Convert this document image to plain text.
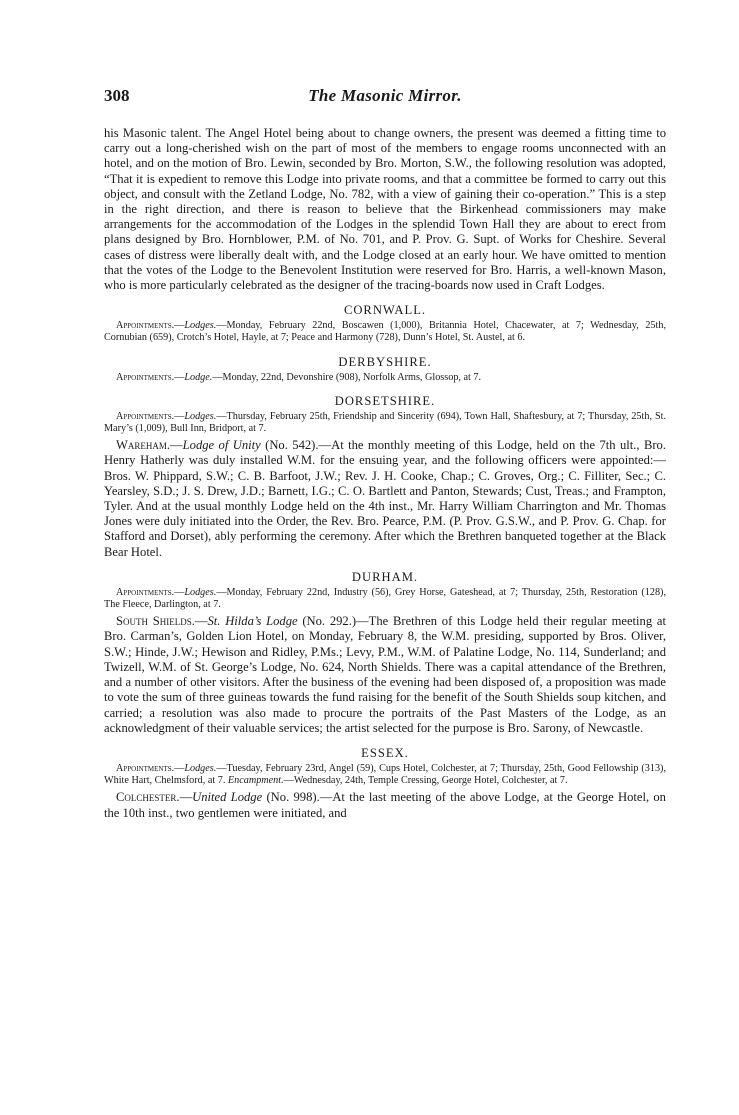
308	The Masonic Mirror.

his Masonic talent. The Angel Hotel being about to change owners, the present was deemed a fitting time to carry out a long-cherished wish on the part of most of the members to engage rooms unconnected with an hotel, and on the motion of Bro. Lewin, seconded by Bro. Morton, S.W., the following resolution was adopted, “That it is expedient to remove this Lodge into private rooms, and that a committee be formed to carry out this object, and consult with the Zetland Lodge, No. 782, with a view of gaining their co-operation.” This is a step in the right direction, and there is reason to believe that the Birkenhead commissioners may make arrangements for the accommodation of the Lodges in the splendid Town Hall they are about to erect from plans designed by Bro. Hornblower, P.M. of No. 701, and P. Prov. G. Supt. of Works for Cheshire. Several cases of distress were liberally dealt with, and the Lodge closed at an early hour. We have omitted to mention that the votes of the Lodge to the Benevolent Institution were reserved for Bro. Harris, a well-known Mason, who is more particularly celebrated as the designer of the tracing-boards now used in Craft Lodges.

CORNWALL.

Appointments.—Lodges.—Monday, February 22nd, Boscawen (1,000), Britannia Hotel, Chacewater, at 7; Wednesday, 25th, Cornubian (659), Crotch’s Hotel, Hayle, at 7; Peace and Harmony (728), Dunn’s Hotel, St. Austel, at 6.

DERBYSHIRE.

Appointments.—Lodge.—Monday, 22nd, Devonshire (908), Norfolk Arms, Glossop, at 7.

DORSETSHIRE.

Appointments.—Lodges.—Thursday, February 25th, Friendship and Sincerity (694), Town Hall, Shaftesbury, at 7; Thursday, 25th, St. Mary’s (1,009), Bull Inn, Bridport, at 7.

Wareham.—Lodge of Unity (No. 542).—At the monthly meeting of this Lodge, held on the 7th ult., Bro. Henry Hatherly was duly installed W.M. for the ensuing year, and the following officers were appointed:—Bros. W. Phippard, S.W.; C. B. Barfoot, J.W.; Rev. J. H. Cooke, Chap.; C. Groves, Org.; C. Filliter, Sec.; C. Yearsley, S.D.; J. S. Drew, J.D.; Barnett, I.G.; C. O. Bartlett and Panton, Stewards; Cust, Treas.; and Frampton, Tyler. And at the usual monthly Lodge held on the 4th inst., Mr. Harry William Charrington and Mr. Thomas Jones were duly initiated into the Order, the Rev. Bro. Pearce, P.M. (P. Prov. G.S.W., and P. Prov. G. Chap. for Stafford and Dorset), ably performing the ceremony. After which the Brethren banqueted together at the Black Bear Hotel.

DURHAM.

Appointments.—Lodges.—Monday, February 22nd, Industry (56), Grey Horse, Gateshead, at 7; Thursday, 25th, Restoration (128), The Fleece, Darlington, at 7.

South Shields.—St. Hilda’s Lodge (No. 292.)—The Brethren of this Lodge held their regular meeting at Bro. Carman’s, Golden Lion Hotel, on Monday, February 8, the W.M. presiding, supported by Bros. Oliver, S.W.; Hinde, J.W.; Hewison and Ridley, P.Ms.; Levy, P.M., W.M. of Palatine Lodge, No. 114, Sunderland; and Twizell, W.M. of St. George’s Lodge, No. 624, North Shields. There was a capital attendance of the Brethren, and a number of other visitors. After the business of the evening had been disposed of, a proposition was made to vote the sum of three guineas towards the fund raising for the benefit of the South Shields soup kitchen, and carried; a resolution was also made to procure the portraits of the Past Masters of the Lodge, as an acknowledgment of their valuable services; the artist selected for the purpose is Bro. Sarony, of Newcastle.

ESSEX.

Appointments.—Lodges.—Tuesday, February 23rd, Angel (59), Cups Hotel, Colchester, at 7; Thursday, 25th, Good Fellowship (313), White Hart, Chelmsford, at 7. Encampment.—Wednesday, 24th, Temple Cressing, George Hotel, Colchester, at 7.

Colchester.—United Lodge (No. 998).—At the last meeting of the above Lodge, at the George Hotel, on the 10th inst., two gentlemen were initiated, and
